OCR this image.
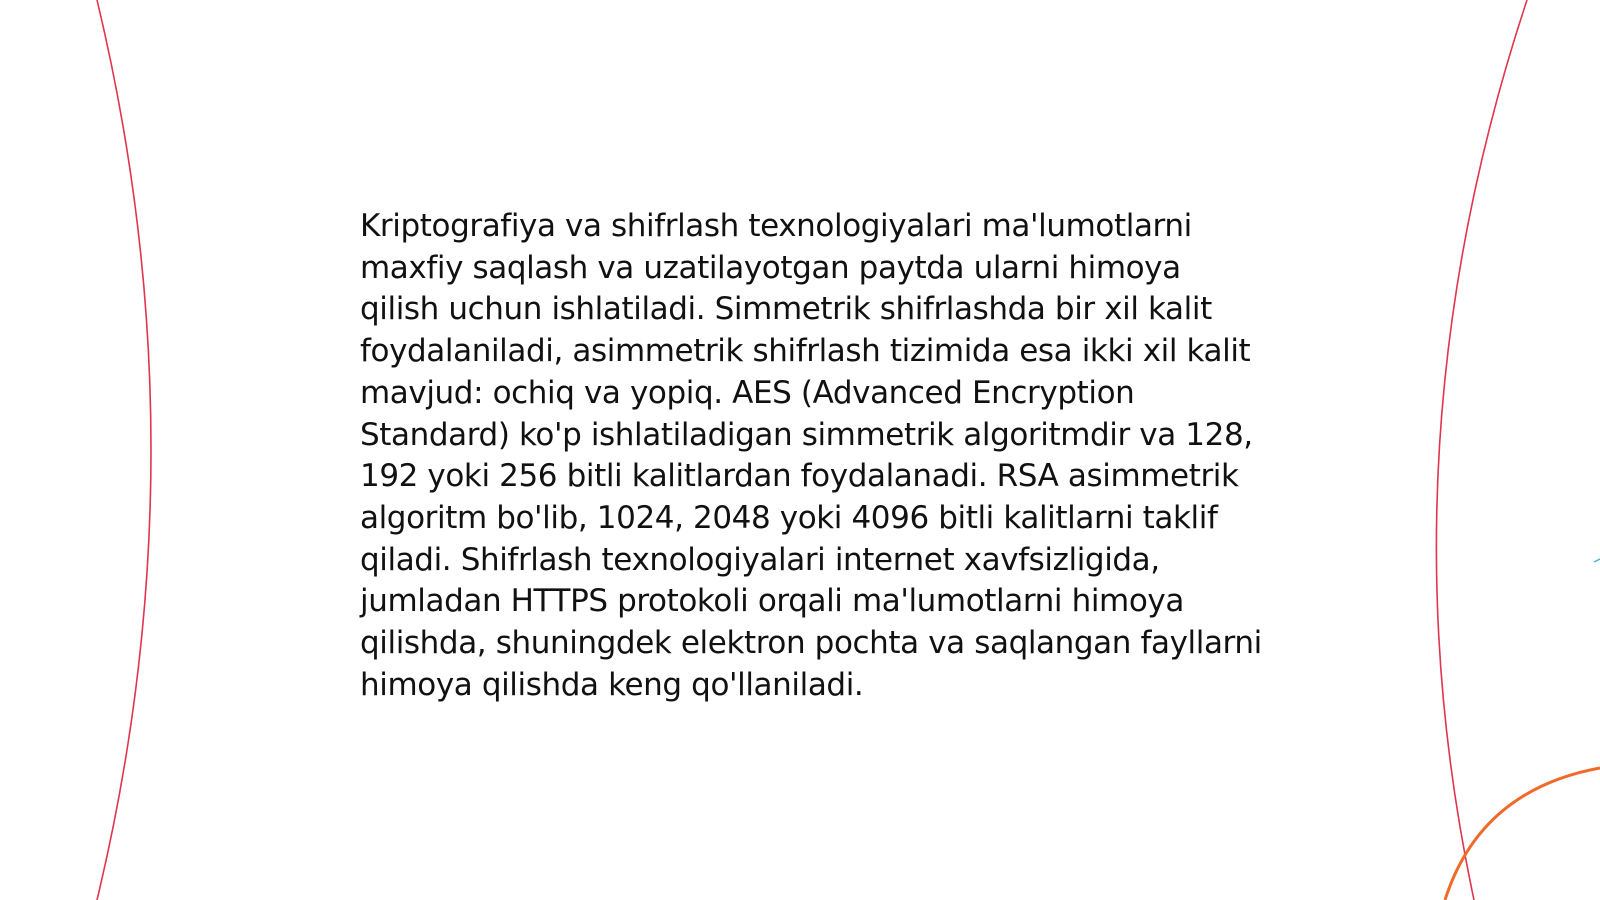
Kriptografiya va shifrlash texnologiyalari ma'lumotlarni maxfiy saqlash va uzatilayotgan paytda ularni himoya qilish uchun ishlatiladi. Simmetrik shifrlashda bir xil kalit foydalaniladi, asimmetrik shifrlash tizimida esa ikki xil kalit mavjud: ochiq va yopiq. AES (Advanced Encryption Standard) ko'p ishlatiladigan simmetrik algoritmdir va 128, 192 yoki 256 bitli kalitlardan foydalanadi. RSA asimmetrik algoritm bo'lib, 1024, 2048 yoki 4096 bitli kalitlarni taklif qiladi. Shifrlash texnologiyalari internet xavfsizligida, jumladan HTTPS protokoli orqali ma'lumotlarni himoya qilishda, shuningdek elektron pochta va saqlangan fayllarni himoya qilishda keng qo'llaniladi.
